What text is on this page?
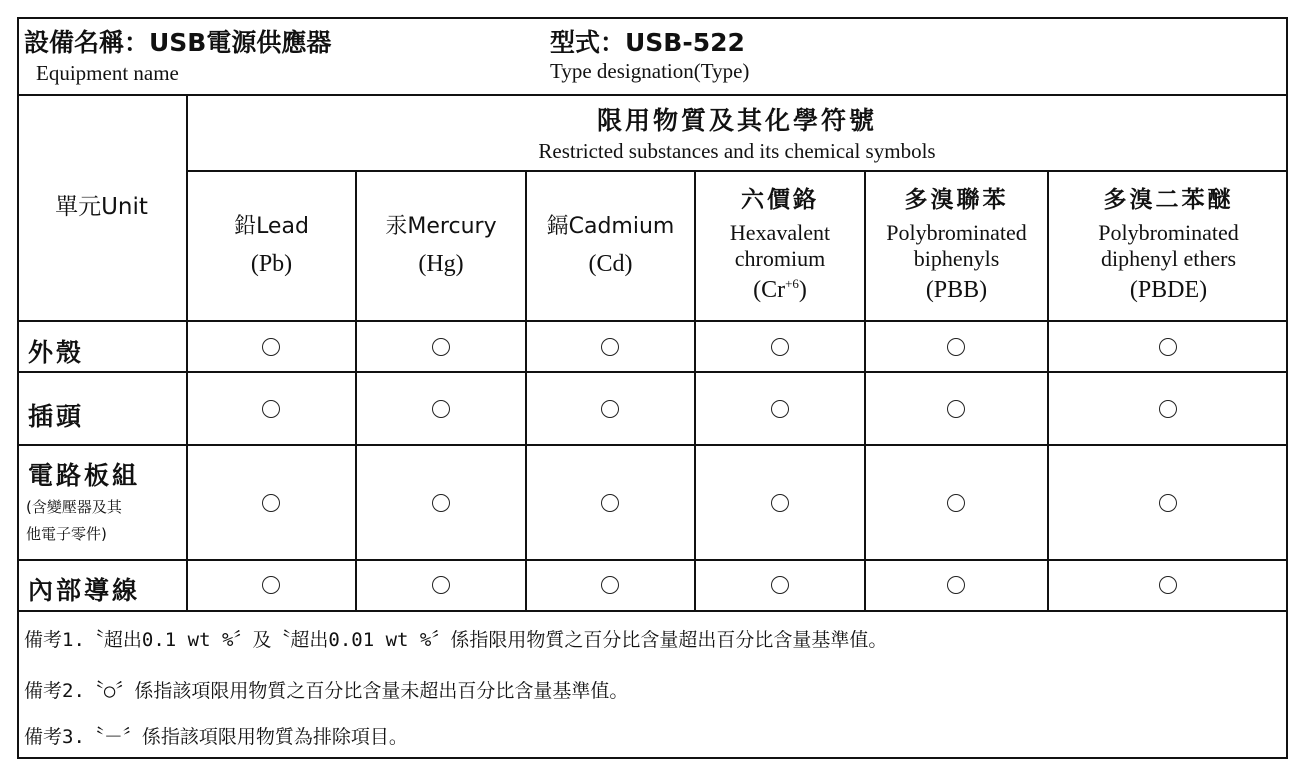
設備名稱：USB電源供應器
Equipment name
型式：USB-522
Type designation(Type)
限用物質及其化學符號
Restricted substances and its chemical symbols
單元Unit
鉛Lead
(Pb)
汞Mercury
(Hg)
鎘Cadmium
(Cd)
六價鉻
Hexavalent
chromium
$(Cr^{+6})$
多溴聯苯
Polybrominated
biphenyls
(PBB)
多溴二苯醚
Polybrominated
diphenyl ethers
(PBDE)
外殼
插頭
電路板組
(含變壓器及其
他電子零件)
內部導線
備考1.〝超出0.1 wt %〞及〝超出0.01 wt %〞係指限用物質之百分比含量超出百分比含量基準值。
備考2.〝○〞係指該項限用物質之百分比含量未超出百分比含量基準值。
備考3.〝－〞係指該項限用物質為排除項目。
